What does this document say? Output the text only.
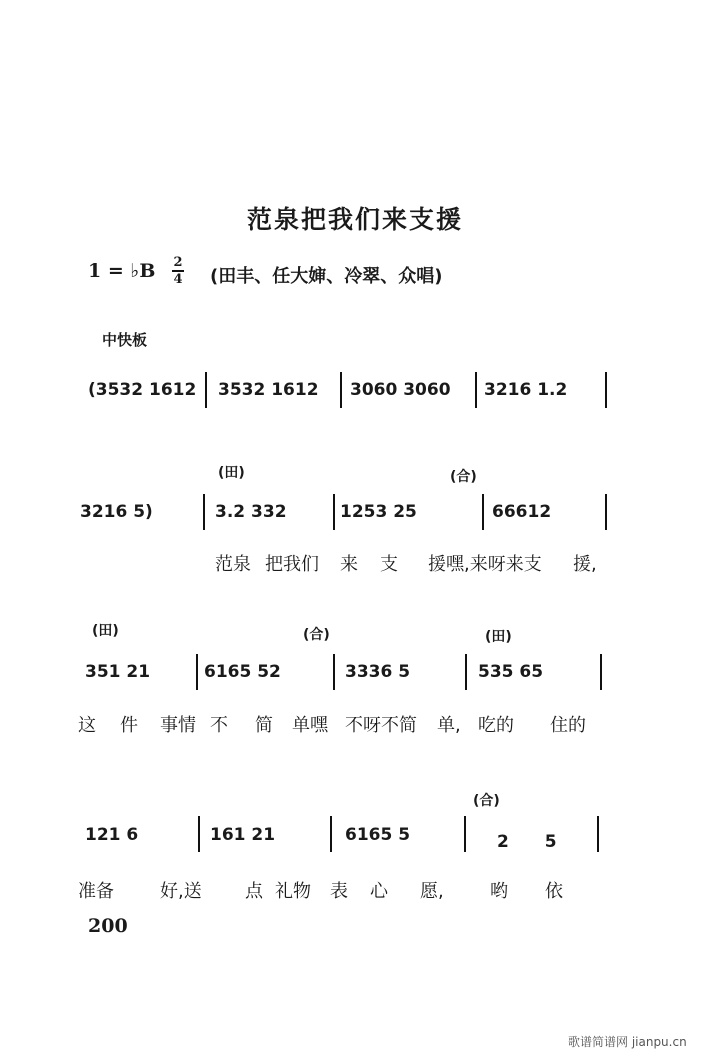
范泉把我们来支援
1 = ♭B 2
4 (田丰、任大婶、冷翠、众唱)
中快板
(3532 1612 3532 1612 3060 3060 3216 1.2
(田)	(合)
3216 5)	3.2 332	1253 25	66612
范泉 把我们 来 支 援嘿,来呀来支 援,
(田)	(合)	(田)
351 21	6165 52	3336 5	535 65
这 件 事情 不 简 单嘿 不呀不简 单, 吃的 住的
(合)
121 6	161 21	6165 5	2 5
准备	好,送 点 礼物 表 心 愿,	哟 依
200
歌谱简谱网 jianpu.cn
